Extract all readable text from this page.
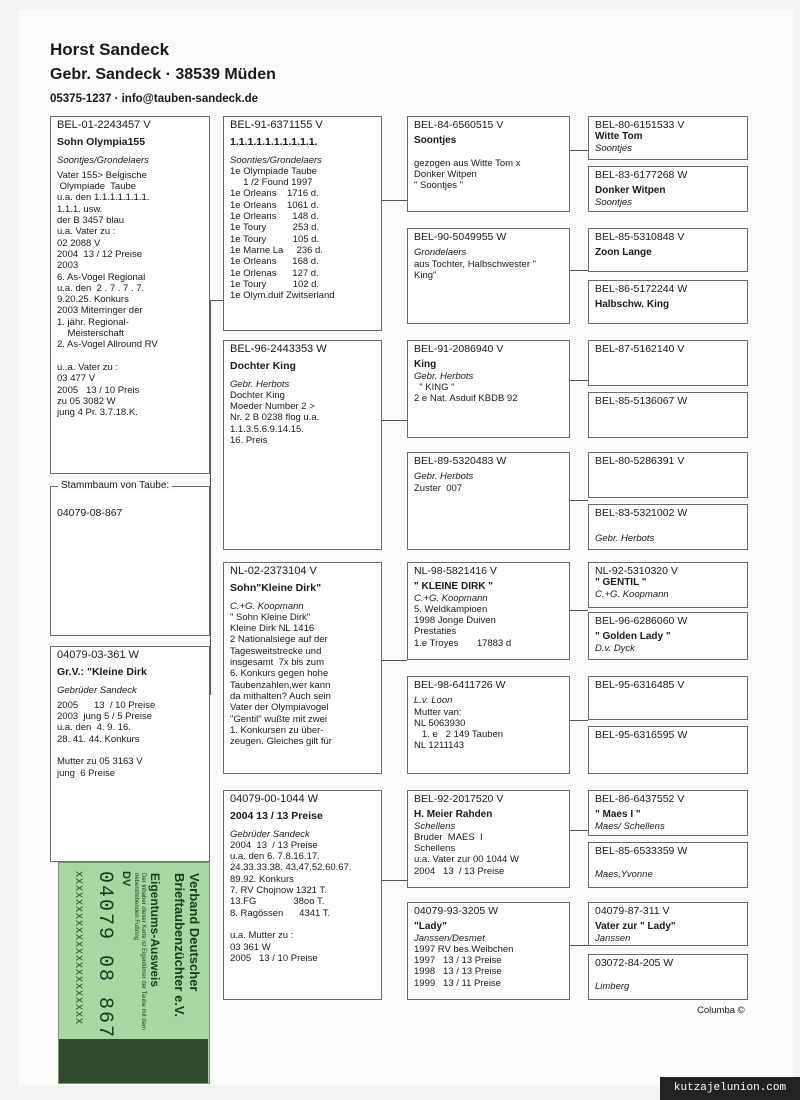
Horst Sandeck
Gebr. Sandeck · 38539 Müden
05375-1237 · info@tauben-sandeck.de
BEL-01-2243457 V
Sohn Olympia155
Soontjes/Grondelaers
Vater 155> Belgische
Olympiade  Taube
u.a. den 1.1.1.1.1.1.1.
1.1.1. usw.
der B 3457 blau
u.a. Vater zu :
02 2088 V
2004  13 / 12 Preise
2003
6. As-Vogel Regional
u.a. den  2 . 7 . 7 . 7.
9.20.25. Konkurs
2003 Miterringer der
1. jähr. Regional-
Meisterschaft
2. As-Vogel Allround RV

u..a. Vater zu :
03 477 V
2005   13 / 10 Preis
zu 05 3082 W
jung 4 Pr. 3.7.18.K.
04079-08-867
Stammbaum von Taube:
04079-03-361 W
Gr.V.: "Kleine Dirk
Gebrüder Sandeck
2005      13  / 10 Preise
2003  jung 5 / 5 Preise
u.a. den  4. 9. 16.
28. 41. 44. Konkurs

Mutter zu 05 3163 V
jung  6 Preise
BEL-91-6371155 V
1.1.1.1.1.1.1.1.1.1.
Soonties/Grondelaers
1e Olympiade Taube
1 /2 Found 1997
1e Orleans    1716 d.
1e Orleans    1061 d.
1e Orleans      148 d.
1e Toury          253 d.
1e Toury          105 d.
1e Marne La     236 d.
1e Orleans      168 d.
1e Orlenas      127 d.
1e Toury          102 d.
1e Olym.duif Zwitserland
BEL-96-2443353 W
Dochter King
Gebr. Herbots
Dochter King
Moeder Number 2 >
Nr. 2 B 0238 flog u.a.
1.1.3.5.6.9.14.15.
16. Preis
NL-02-2373104 V
Sohn"Kleine Dirk"
C.+G. Koopmann
" Sohn Kleine Dirk"
Kleine Dirk NL 1416
2 Nationalsiege auf der
Tagesweitstrecke und
insgesamt  7x bis zum
6. Konkurs gegen hohe
Taubenzahlen,wer kann
da mithalten? Auch sein
Vater der Olympiavogel
"Gentil" wußte mit zwei
1. Konkursen zu über-
zeugen. Gleiches gilt für
04079-00-1044 W
2004 13 / 13 Preise
Gebrüder Sandeck
2004  13  / 13 Preise
u.a. den 6. 7.8.16.17.
24.33.33.38. 43.47.52.60.67.
89.92. Konkurs
7. RV Chojnow 1321 T.
13.FG              38oo T.
8. Ragössen      4341 T.

u.a. Mutter zu :
03 361 W
2005   13 / 10 Preise
BEL-84-6560515 V
Soontjes

gezogen aus Witte Tom x
Donker Witpen
" Soontjes "
BEL-90-5049955 W
Grondelaers
aus Tochter, Halbschwester "
King"
BEL-91-2086940 V
King
Gebr. Herbots
" KING "
2 e Nat. Asduif KBDB 92
BEL-89-5320483 W
Gebr. Herbots
Zuster  007
NL-98-5821416 V
" KLEINE DIRK "
C.+G. Koopmann
5. Weldkampioen
1998 Jonge Duiven
Prestaties
1.e Troyes       17883 d
BEL-98-6411726 W
L.v. Loon
Mutter van:
NL 5063930
1. e   2 149 Tauben
NL 1211143
BEL-92-2017520 V
H. Meier Rahden
Schellens
Bruder  MAES  I
Schellens
u.a. Vater zur 00 1044 W
2004   13  / 13 Preise
04079-93-3205 W
"Lady"
Janssen/Desmet
1997 RV bes.Weibchen
1997   13 / 13 Preise
1998   13 / 13 Preise
1999   13 / 11 Preise
BEL-80-6151533 V
Witte Tom
Soontjes
BEL-83-6177268 W
Donker Witpen
Soontjes
BEL-85-5310848 V
Zoon Lange
BEL-86-5172244 W
Halbschw. King
BEL-87-5162140 V
BEL-85-5136067 W
BEL-80-5286391 V
BEL-83-5321002 W
Gebr. Herbots
NL-92-5310320 V
" GENTIL "
C.+G. Koopmann
BEL-96-6286060 W
" Golden Lady "
D.v. Dyck
BEL-95-6316485 V
BEL-95-6316595 W
BEL-86-6437552 V
" Maes I "
Maes/ Schellens
BEL-85-6533359 W
Maes,Yvonne
04079-87-311 V
Vater zur " Lady"
Janssen
03072-84-205 W
Limberg
Verband Deutscher
Brieftaubenzüchter e.V.
Eigentums-Ausweis
Der Inhaber dieser Karte ist Eigentümer der Taube mit dem nebenstehenden Fußring
DV
04079 08 867
XXXXXXXXXXXXXXXXXXXXXX	Columba ©
kutzajelunion.com
